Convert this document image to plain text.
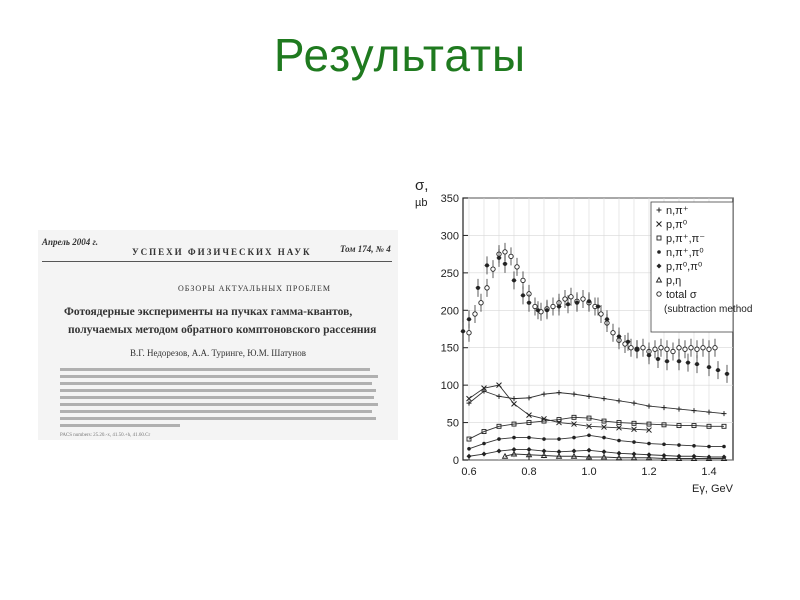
Результаты
Апрель 2004 г.
УСПЕХИ ФИЗИЧЕСКИХ НАУК	Том 174, № 4
ОБЗОРЫ АКТУАЛЬНЫХ ПРОБЛЕМ
Фотоядерные эксперименты на пучках гамма-квантов,
получаемых методом обратного комптоновского рассеяния
В.Г. Недорезов, А.А. Туринге, Ю.М. Шатунов
PACS numbers: 25.20.-x, 41.50.+h, 41.60.Cr
0
50
100
150
200
250
300
350
0.6	0.8	1.0	1.2	1.4
σ,
µb
Eγ, GeV
n,π⁺
p,π⁰
p,π⁺,π⁻
n,π⁺,π⁰
p,π⁰,π⁰
p,η
total σ
(subtraction method
